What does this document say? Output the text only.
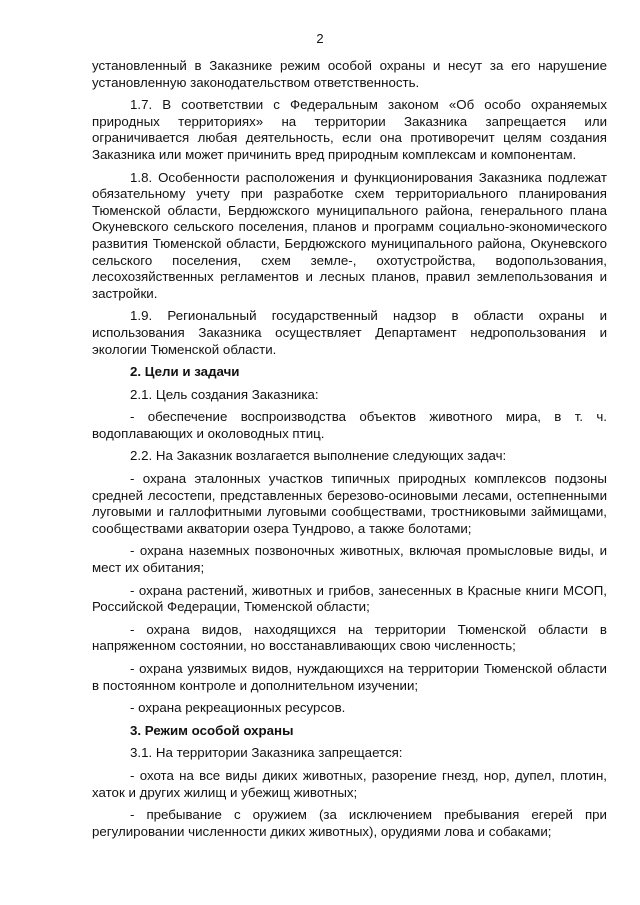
2

установленный в Заказнике режим особой охраны и несут за его нарушение установленную законодательством ответственность.

1.7. В соответствии с Федеральным законом «Об особо охраняемых природных территориях» на территории Заказника запрещается или ограничивается любая деятельность, если она противоречит целям создания Заказника или может причинить вред природным комплексам и компонентам.

1.8. Особенности расположения и функционирования Заказника подлежат обязательному учету при разработке схем территориального планирования Тюменской области, Бердюжского муниципального района, генерального плана Окуневского сельского поселения, планов и программ социально-экономического развития Тюменской области, Бердюжского муниципального района, Окуневского сельского поселения, схем земле-, охотустройства, водопользования, лесохозяйственных регламентов и лесных планов, правил землепользования и застройки.

1.9. Региональный государственный надзор в области охраны и использования Заказника осуществляет Департамент недропользования и экологии Тюменской области.

2. Цели и задачи

2.1. Цель создания Заказника:

- обеспечение воспроизводства объектов животного мира, в т. ч. водоплавающих и околоводных птиц.

2.2. На Заказник возлагается выполнение следующих задач:

- охрана эталонных участков типичных природных комплексов подзоны средней лесостепи, представленных березово-осиновыми лесами, остепненными луговыми и галлофитными луговыми сообществами, тростниковыми займищами, сообществами акватории озера Тундрово, а также болотами;

- охрана наземных позвоночных животных, включая промысловые виды, и мест их обитания;

- охрана растений, животных и грибов, занесенных в Красные книги МСОП, Российской Федерации, Тюменской области;

- охрана видов, находящихся на территории Тюменской области в напряженном состоянии, но восстанавливающих свою численность;

- охрана уязвимых видов, нуждающихся на территории Тюменской области в постоянном контроле и дополнительном изучении;

- охрана рекреационных ресурсов.

3. Режим особой охраны

3.1. На территории Заказника запрещается:

- охота на все виды диких животных, разорение гнезд, нор, дупел, плотин, хаток и других жилищ и убежищ животных;

- пребывание с оружием (за исключением пребывания егерей при регулировании численности диких животных), орудиями лова и собаками;
